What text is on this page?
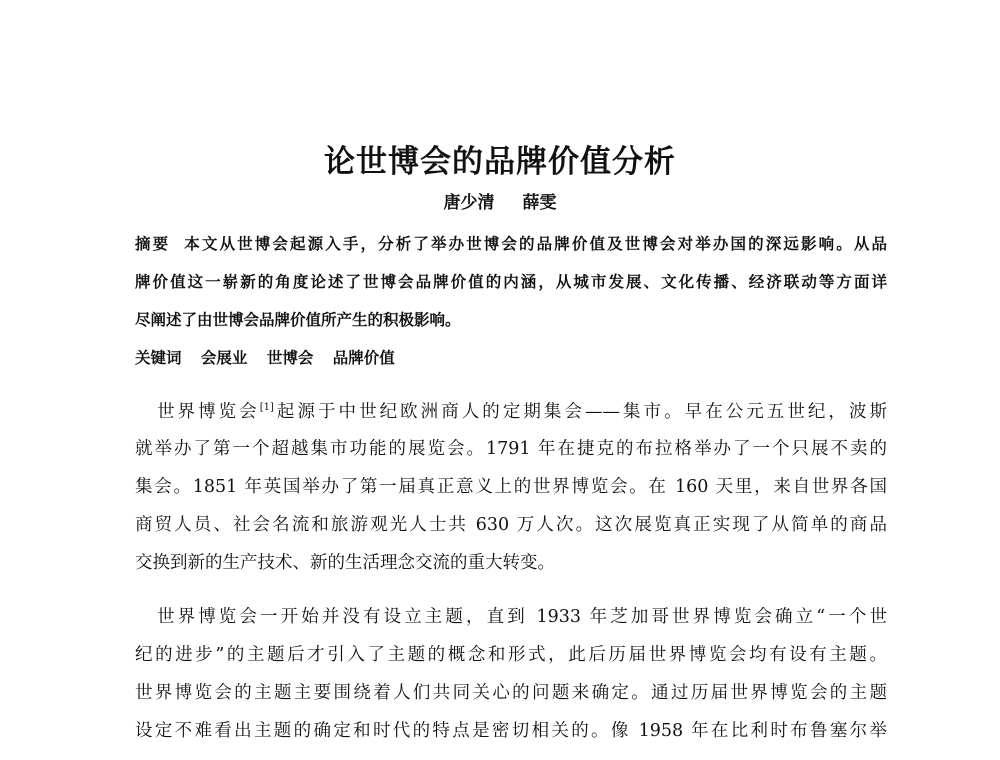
论世博会的品牌价值分析
唐少清 薛雯
摘要 本文从世博会起源入手，分析了举办世博会的品牌价值及世博会对举办国的深远影响。从品
牌价值这一崭新的角度论述了世博会品牌价值的内涵，从城市发展、文化传播、经济联动等方面详
尽阐述了由世博会品牌价值所产生的积极影响。
关键词 会展业 世博会 品牌价值
世界博览会[1]起源于中世纪欧洲商人的定期集会——集市。早在公元五世纪，波斯
就举办了第一个超越集市功能的展览会。1791 年在捷克的布拉格举办了一个只展不卖的
集会。1851 年英国举办了第一届真正意义上的世界博览会。在 160 天里，来自世界各国
商贸人员、社会名流和旅游观光人士共 630 万人次。这次展览真正实现了从简单的商品
交换到新的生产技术、新的生活理念交流的重大转变。
世界博览会一开始并没有设立主题，直到 1933 年芝加哥世界博览会确立“一个世
纪的进步”的主题后才引入了主题的概念和形式，此后历届世界博览会均有设有主题。
世界博览会的主题主要围绕着人们共同关心的问题来确定。通过历届世界博览会的主题
设定不难看出主题的确定和时代的特点是密切相关的。像 1958 年在比利时布鲁塞尔举
